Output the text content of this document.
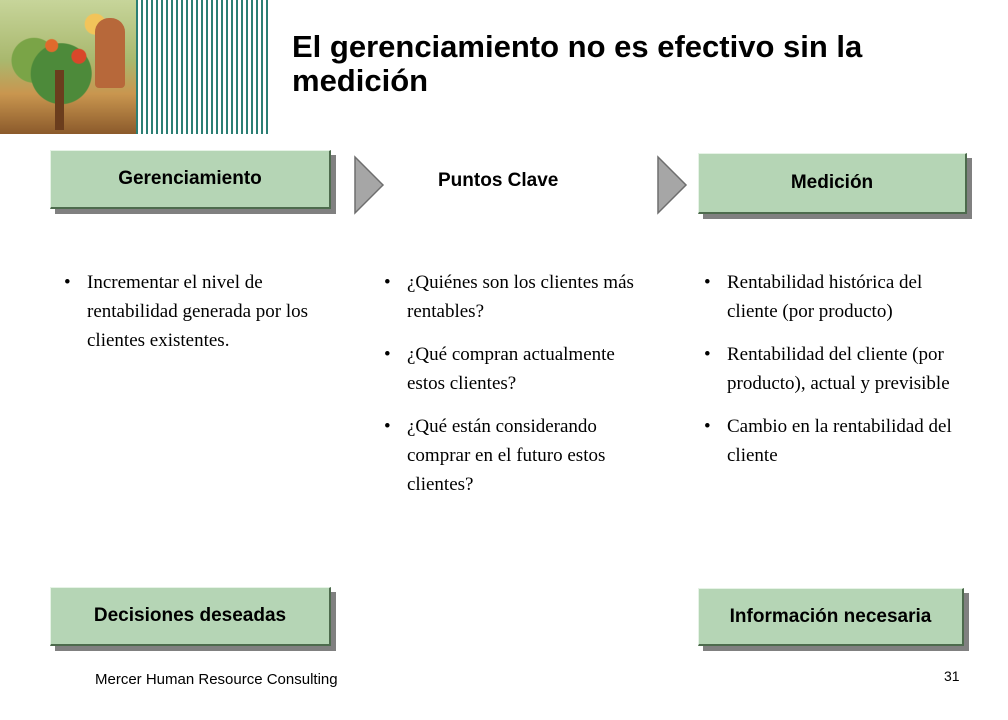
El gerenciamiento no es efectivo sin la medición
Gerenciamiento	Puntos Clave	Medición
• Incrementar el nivel de rentabilidad generada por los clientes existentes.
• ¿Quiénes son los clientes más rentables?
• ¿Qué compran actualmente estos clientes?
• ¿Qué están considerando comprar en el futuro estos clientes?
• Rentabilidad histórica del cliente (por producto)
• Rentabilidad del cliente (por producto), actual y previsible
• Cambio en la rentabilidad del cliente
Decisiones deseadas	Información necesaria
Mercer Human Resource Consulting	31
